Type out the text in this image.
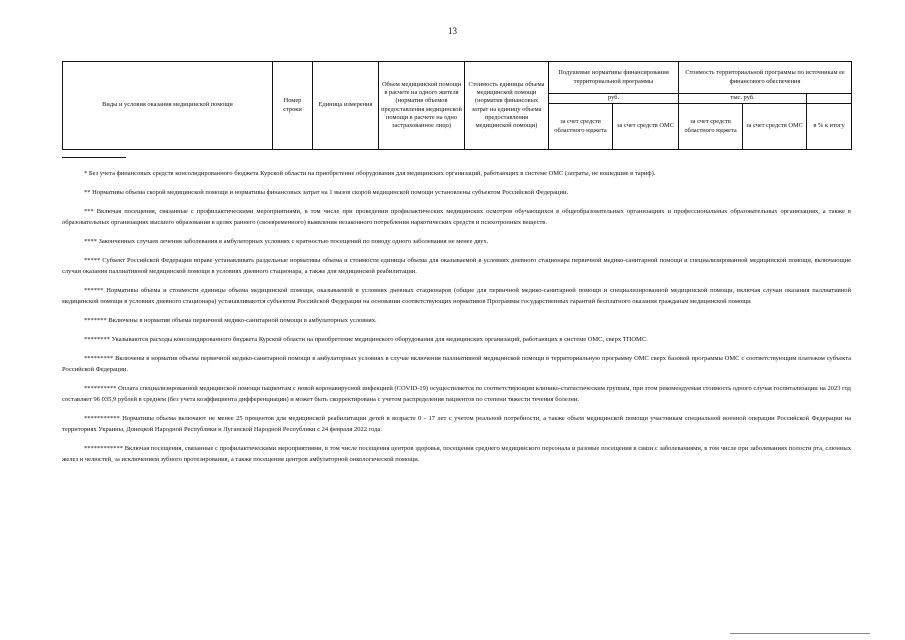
13
Виды и условия оказания медицинской помощи	Номер строки	Единица измерения	Объем медицинской помощи в расчете на одного жителя (норматив объемов предоставления медицинской помощи в расчете на одно застрахованное лицо)	Стоимость единицы объема медицинской помощи (норматив финансовых затрат на единицу объема предоставления медицинской помощи)	Подушевые нормативы финансирования территориальной программы		Стоимость территориальной программы по источникам ее финансового обеспечения		
					руб.		тыс. руб.		
					за счет средств областного юджета	за счет средств ОМС	за счет средств областного юджета	за счет средств ОМС	в % к итогу

* Без учета финансовых средств консолидированного бюджета Курской области на приобретение оборудования для медицинских организаций, работающих в системе ОМС (затраты, не вошедшие в тариф).

** Нормативы объема скорой медицинской помощи и нормативы финансовых затрат на 1 вызов скорой медицинской помощи установлены субъектом Российской Федерации.

*** Включая посещения, связанные с профилактическими мероприятиями, в том числе при проведении профилактических медицинских осмотров обучающихся в общеобразовательных организациях и профессиональных образовательных организациях, а также в образовательных организациях высшего образования в целях раннего (своевременного) выявления незаконного потребления наркотических средств и психотропных веществ.

**** Законченных случаев лечения заболевания в амбулаторных условиях с кратностью посещений по поводу одного заболевания не менее двух.

***** Субъект Российской Федерации вправе устанавливать раздельные нормативы объема и стоимости единицы объема для оказываемой в условиях дневного стационара первичной медико-санитарной помощи и специализированной медицинской помощи, включающие случаи оказания паллиативной медицинской помощи в условиях дневного стационара, а также для медицинской реабилитации.

****** Нормативы объема и стоимости единицы объема медицинской помощи, оказываемой в условиях дневных стационаров (общие для первичной медико-санитарной помощи и специализированной медицинской помощи, включая случаи оказания паллиативной медицинской помощи в условиях дневного стационара) устанавливаются субъектом Российской Федерации на основании соответствующих нормативов Программы государственных гарантий бесплатного оказания гражданам медицинской помощи

******* Включены в норматив объема первичной медико-санитарной помощи в амбулаторных условиях.

******** Указываются расходы консолидированного бюджета Курской области на приобретение медицинского оборудования для медицинских организаций, работающих в системе ОМС, сверх ТПОМС.

********* Включены в норматив объема первичной медико-санитарной помощи в амбулаторных условиях в случае включения паллиативной медицинской помощи в территориальную программу ОМС сверх базовой программы ОМС с соответствующим платежом субъекта Российской Федерации.

********** Оплата специализированной медицинской помощи пациентам с новой коронавирусной инфекцией (COVID-19) осуществляется по соответствующим клинико-статистическим группам, при этом рекомендуемая стоимость одного случая госпитализации на 2023 год составляет 96 035,9 рублей в среднем (без учета коэффициента дифференциации) и может быть скорректирована с учетом распределения пациентов по степени тяжести течения болезни.

*********** Нормативы объема включают не менее 25 процентов для медицинской реабилитации детей в возрасте 0 - 17 лет с учетом реальной потребности, а также объем медицинской помощи участникам специальной военной операции Российской Федерации на территориях Украины, Донецкой Народной Республики и Луганской Народной Республики с 24 февраля 2022 года.

************ Включая посещения, связанные с профилактическими мероприятиями, в том числе посещения центров здоровья, посещения среднего медицинского персонала и разовые посещения в связи с заболеваниями, в том числе при заболеваниях полости рта, слюнных желез и челюстей, за исключением зубного протезирования, а также посещения центров амбулаторной онкологической помощи.
